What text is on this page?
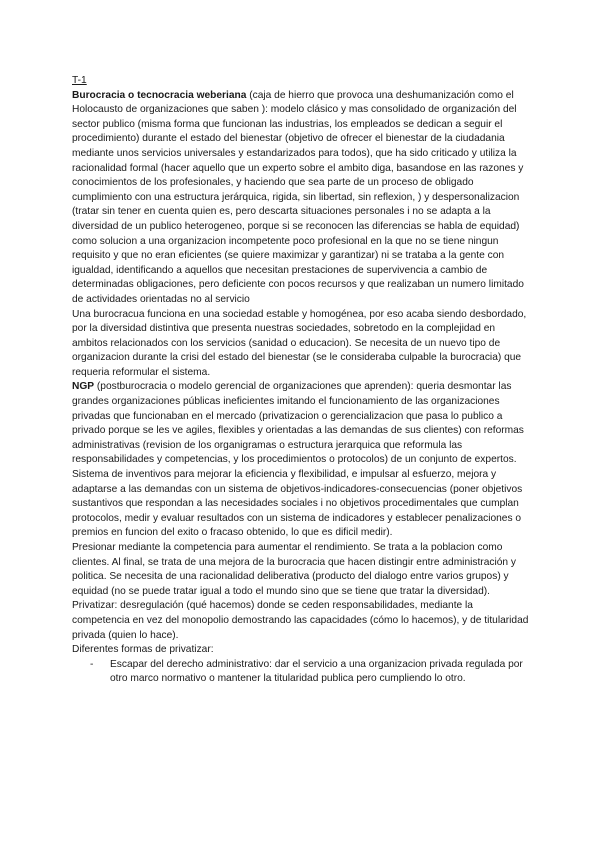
T-1

Burocracia o tecnocracia weberiana (caja de hierro que provoca una deshumanización como el Holocausto de organizaciones que saben ): modelo clásico y mas consolidado de organización del sector publico (misma forma que funcionan las industrias, los empleados se dedican a seguir el procedimiento) durante el estado del bienestar (objetivo de ofrecer el bienestar de la ciudadania mediante unos servicios universales y estandarizados para todos), que ha sido criticado y utiliza la racionalidad formal (hacer aquello que un experto sobre el ambito diga, basandose en las razones y conocimientos de los profesionales, y haciendo que sea parte de un proceso de obligado cumplimiento con una estructura jerárquica, rigida, sin libertad, sin reflexion, ) y despersonalizacion (tratar sin tener en cuenta quien es, pero descarta situaciones personales i no se adapta a la diversidad de un publico heterogeneo, porque si se reconocen las diferencias se habla de equidad) como solucion a una organizacion incompetente poco profesional en la que no se tiene ningun requisito y que no eran eficientes (se quiere maximizar y garantizar) ni se trataba a la gente con igualdad, identificando a aquellos que necesitan prestaciones de supervivencia a cambio de determinadas obligaciones, pero deficiente con pocos recursos y que realizaban un numero limitado de actividades orientadas no al servicio

Una burocracua funciona en una sociedad estable y homogénea, por eso acaba siendo desbordado, por la diversidad distintiva que presenta nuestras sociedades, sobretodo en la complejidad en ambitos relacionados con los servicios (sanidad o educacion). Se necesita de un nuevo tipo de organizacion durante la crisi del estado del bienestar (se le consideraba culpable la burocracia) que requeria reformular el sistema.

NGP (postburocracia o modelo gerencial de organizaciones que aprenden): queria desmontar las grandes organizaciones públicas ineficientes imitando el funcionamiento de las organizaciones privadas que funcionaban en el mercado (privatizacion o gerencializacion que pasa lo publico a privado porque se les ve agiles, flexibles y orientadas a las demandas de sus clientes) con reformas administrativas (revision de los organigramas o estructura jerarquica que reformula las responsabilidades y competencias, y los procedimientos o protocolos) de un conjunto de expertos. Sistema de inventivos para mejorar la eficiencia y flexibilidad, e impulsar al esfuerzo, mejora y adaptarse a las demandas con un sistema de objetivos-indicadores-consecuencias (poner objetivos sustantivos que respondan a las necesidades sociales i no objetivos procedimentales que cumplan protocolos, medir y evaluar resultados con un sistema de indicadores y establecer penalizaciones o premios en funcion del exito o fracaso obtenido, lo que es dificil medir).

Presionar mediante la competencia para aumentar el rendimiento. Se trata a la poblacion como clientes. Al final, se trata de una mejora de la burocracia que hacen distingir entre administración y politica. Se necesita de una racionalidad deliberativa (producto del dialogo entre varios grupos) y equidad (no se puede tratar igual a todo el mundo sino que se tiene que tratar la diversidad).

Privatizar: desregulación (qué hacemos) donde se ceden responsabilidades, mediante la competencia en vez del monopolio demostrando las capacidades (cómo lo hacemos), y de titularidad privada (quien lo hace).

Diferentes formas de privatizar:

- Escapar del derecho administrativo: dar el servicio a una organizacion privada regulada por otro marco normativo o mantener la titularidad publica pero cumpliendo lo otro.
